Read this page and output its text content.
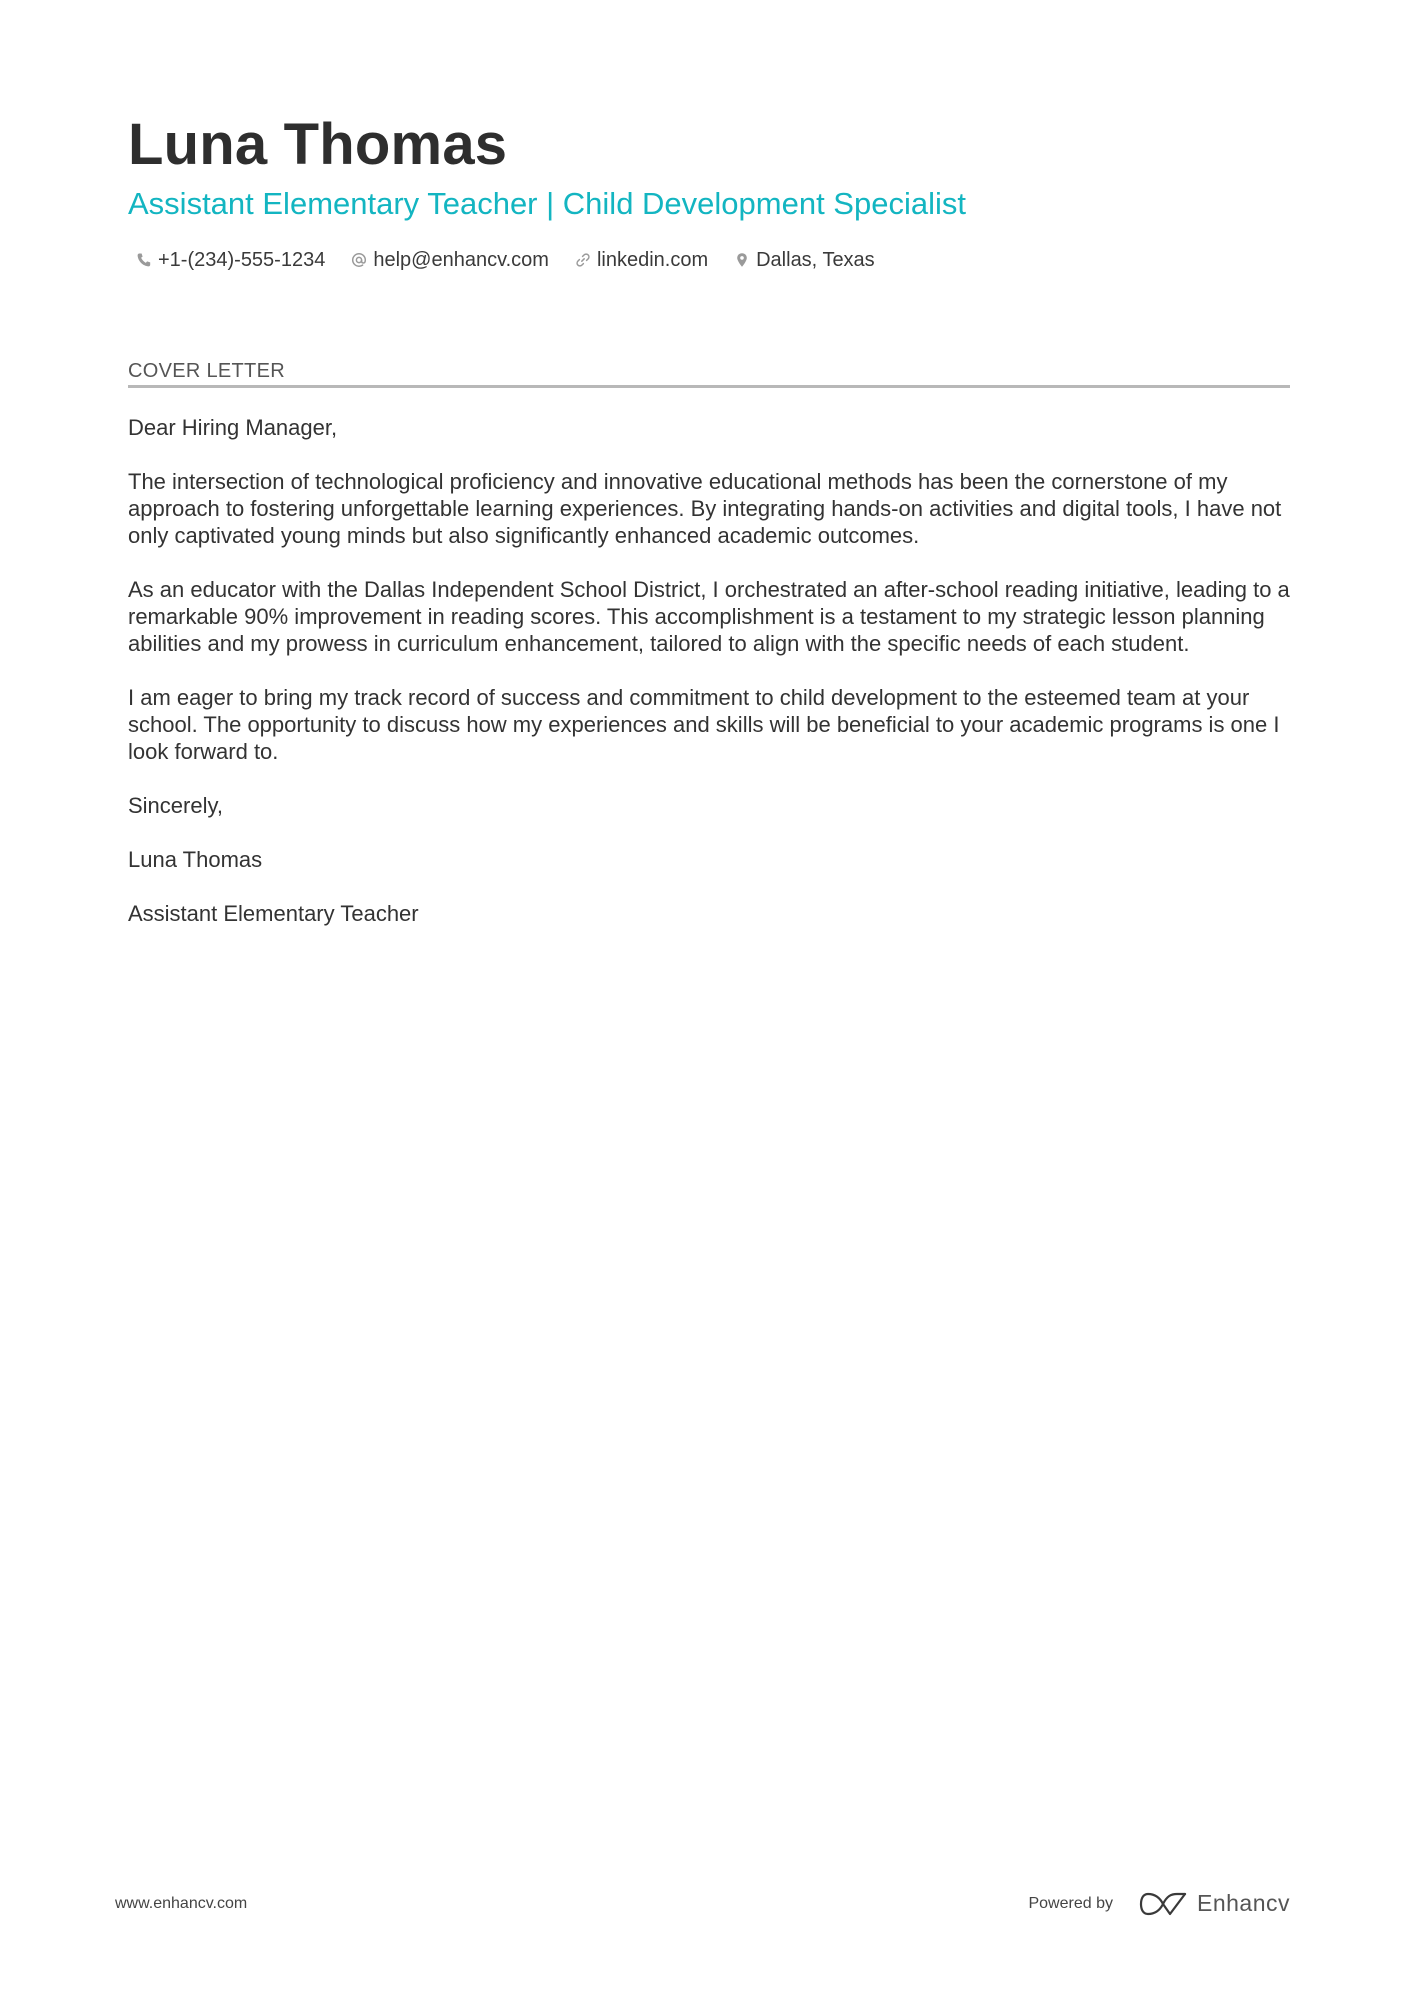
Luna Thomas
Assistant Elementary Teacher | Child Development Specialist
+1-(234)-555-1234 help@enhancv.com linkedin.com Dallas, Texas
COVER LETTER

Dear Hiring Manager,

The intersection of technological proficiency and innovative educational methods has been the cornerstone of my approach to fostering unforgettable learning experiences. By integrating hands-on activities and digital tools, I have not only captivated young minds but also significantly enhanced academic outcomes.

As an educator with the Dallas Independent School District, I orchestrated an after-school reading initiative, leading to a remarkable 90% improvement in reading scores. This accomplishment is a testament to my strategic lesson planning abilities and my prowess in curriculum enhancement, tailored to align with the specific needs of each student.

I am eager to bring my track record of success and commitment to child development to the esteemed team at your school. The opportunity to discuss how my experiences and skills will be beneficial to your academic programs is one I look forward to.

Sincerely,

Luna Thomas

Assistant Elementary Teacher

www.enhancv.com	Powered by	Enhancv
